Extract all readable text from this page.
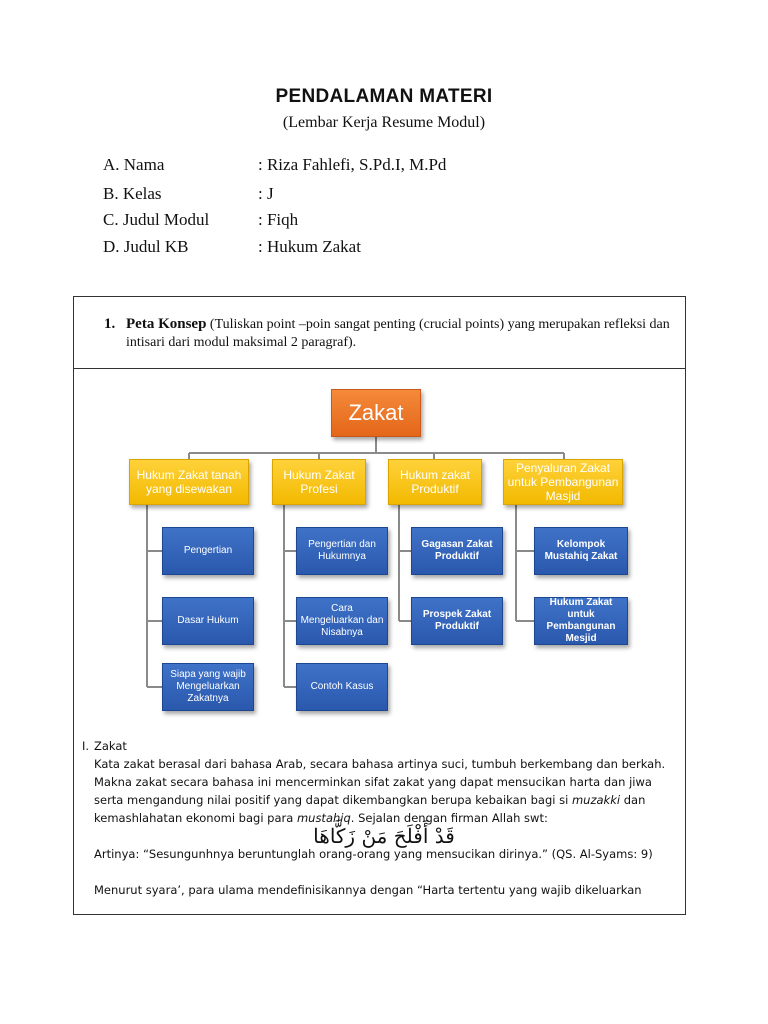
PENDALAMAN MATERI
(Lembar Kerja Resume Modul)
A. Nama	: Riza Fahlefi, S.Pd.I, M.Pd
B. Kelas	: J
C. Judul Modul	: Fiqh
D. Judul KB	: Hukum Zakat
1. Peta Konsep (Tuliskan point –poin sangat penting (crucial points) yang merupakan refleksi dan intisari dari modul maksimal 2 paragraf).
Zakat
Hukum Zakat tanah yang disewakan
Hukum Zakat Profesi
Hukum zakat Produktif
Penyaluran Zakat untuk Pembangunan Masjid
Pengertian
Dasar Hukum
Siapa yang wajib Mengeluarkan Zakatnya
Pengertian dan Hukumnya
Cara Mengeluarkan dan Nisabnya
Contoh Kasus
Gagasan Zakat Produktif
Prospek Zakat Produktif
Kelompok Mustahiq Zakat
Hukum Zakat untuk Pembangunan Mesjid
I. Zakat

Kata zakat berasal dari bahasa Arab, secara bahasa artinya suci, tumbuh berkembang dan berkah. Makna zakat secara bahasa ini mencerminkan sifat zakat yang dapat mensucikan harta dan jiwa serta mengandung nilai positif yang dapat dikembangkan berupa kebaikan bagi si muzakki dan kemashlahatan ekonomi bagi para mustahiq. Sejalan dengan firman Allah swt:

قَدْ أَفْلَحَ مَنْ زَكَّاهَا

Artinya: “Sesungunhnya beruntunglah orang-orang yang mensucikan dirinya.” (QS. Al-Syams: 9)

Menurut syara’, para ulama mendefinisikannya dengan “Harta tertentu yang wajib dikeluarkan
